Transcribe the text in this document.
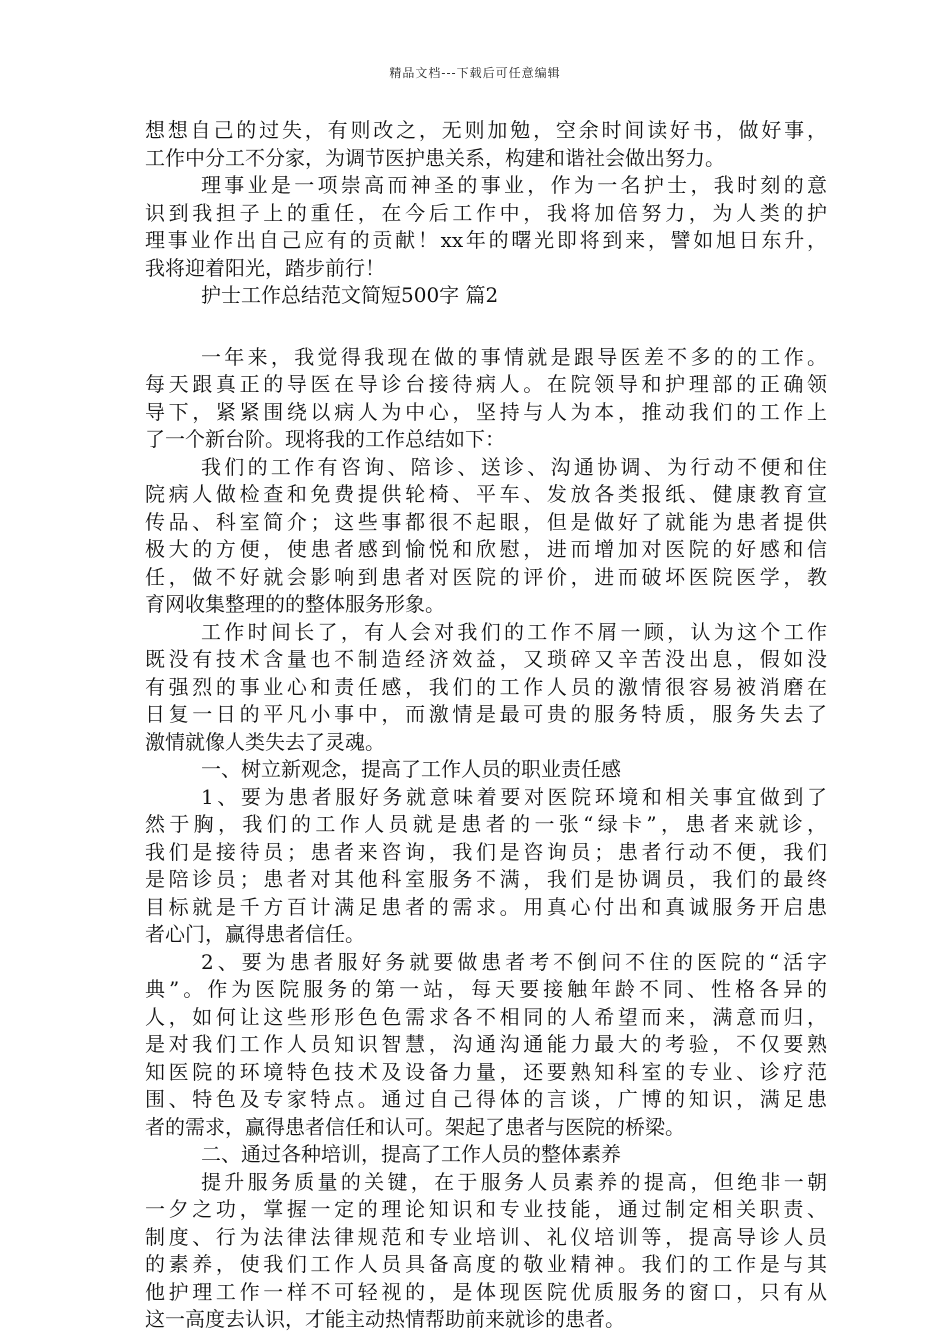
精品文档---下载后可任意编辑
想想自己的过失，有则改之，无则加勉，空余时间读好书，做好事，
工作中分工不分家，为调节医护患关系，构建和谐社会做出努力。
理事业是一项崇高而神圣的事业，作为一名护士，我时刻的意
识到我担子上的重任，在今后工作中，我将加倍努力，为人类的护
理事业作出自己应有的贡献！xx年的曙光即将到来，譬如旭日东升，
我将迎着阳光，踏步前行！
护士工作总结范文简短500字 篇2
一年来，我觉得我现在做的事情就是跟导医差不多的的工作。
每天跟真正的导医在导诊台接待病人。在院领导和护理部的正确领
导下，紧紧围绕以病人为中心，坚持与人为本，推动我们的工作上
了一个新台阶。现将我的工作总结如下：
我们的工作有咨询、陪诊、送诊、沟通协调、为行动不便和住
院病人做检查和免费提供轮椅、平车、发放各类报纸、健康教育宣
传品、科室简介；这些事都很不起眼，但是做好了就能为患者提供
极大的方便，使患者感到愉悦和欣慰，进而增加对医院的好感和信
任，做不好就会影响到患者对医院的评价，进而破坏医院医学，教
育网收集整理的的整体服务形象。
工作时间长了，有人会对我们的工作不屑一顾，认为这个工作
既没有技术含量也不制造经济效益，又琐碎又辛苦没出息，假如没
有强烈的事业心和责任感，我们的工作人员的激情很容易被消磨在
日复一日的平凡小事中，而激情是最可贵的服务特质，服务失去了
激情就像人类失去了灵魂。
一、树立新观念，提高了工作人员的职业责任感
1、要为患者服好务就意味着要对医院环境和相关事宜做到了
然于胸，我们的工作人员就是患者的一张“绿卡”，患者来就诊，
我们是接待员；患者来咨询，我们是咨询员；患者行动不便，我们
是陪诊员；患者对其他科室服务不满，我们是协调员，我们的最终
目标就是千方百计满足患者的需求。用真心付出和真诚服务开启患
者心门，赢得患者信任。
2、要为患者服好务就要做患者考不倒问不住的医院的“活字
典”。作为医院服务的第一站，每天要接触年龄不同、性格各异的
人，如何让这些形形色色需求各不相同的人希望而来，满意而归，
是对我们工作人员知识智慧，沟通沟通能力最大的考验，不仅要熟
知医院的环境特色技术及设备力量，还要熟知科室的专业、诊疗范
围、特色及专家特点。通过自己得体的言谈，广博的知识，满足患
者的需求，赢得患者信任和认可。架起了患者与医院的桥梁。
二、通过各种培训，提高了工作人员的整体素养
提升服务质量的关键，在于服务人员素养的提高，但绝非一朝
一夕之功，掌握一定的理论知识和专业技能，通过制定相关职责、
制度、行为法律法律规范和专业培训、礼仪培训等，提高导诊人员
的素养，使我们工作人员具备高度的敬业精神。我们的工作是与其
他护理工作一样不可轻视的，是体现医院优质服务的窗口，只有从
这一高度去认识，才能主动热情帮助前来就诊的患者。
